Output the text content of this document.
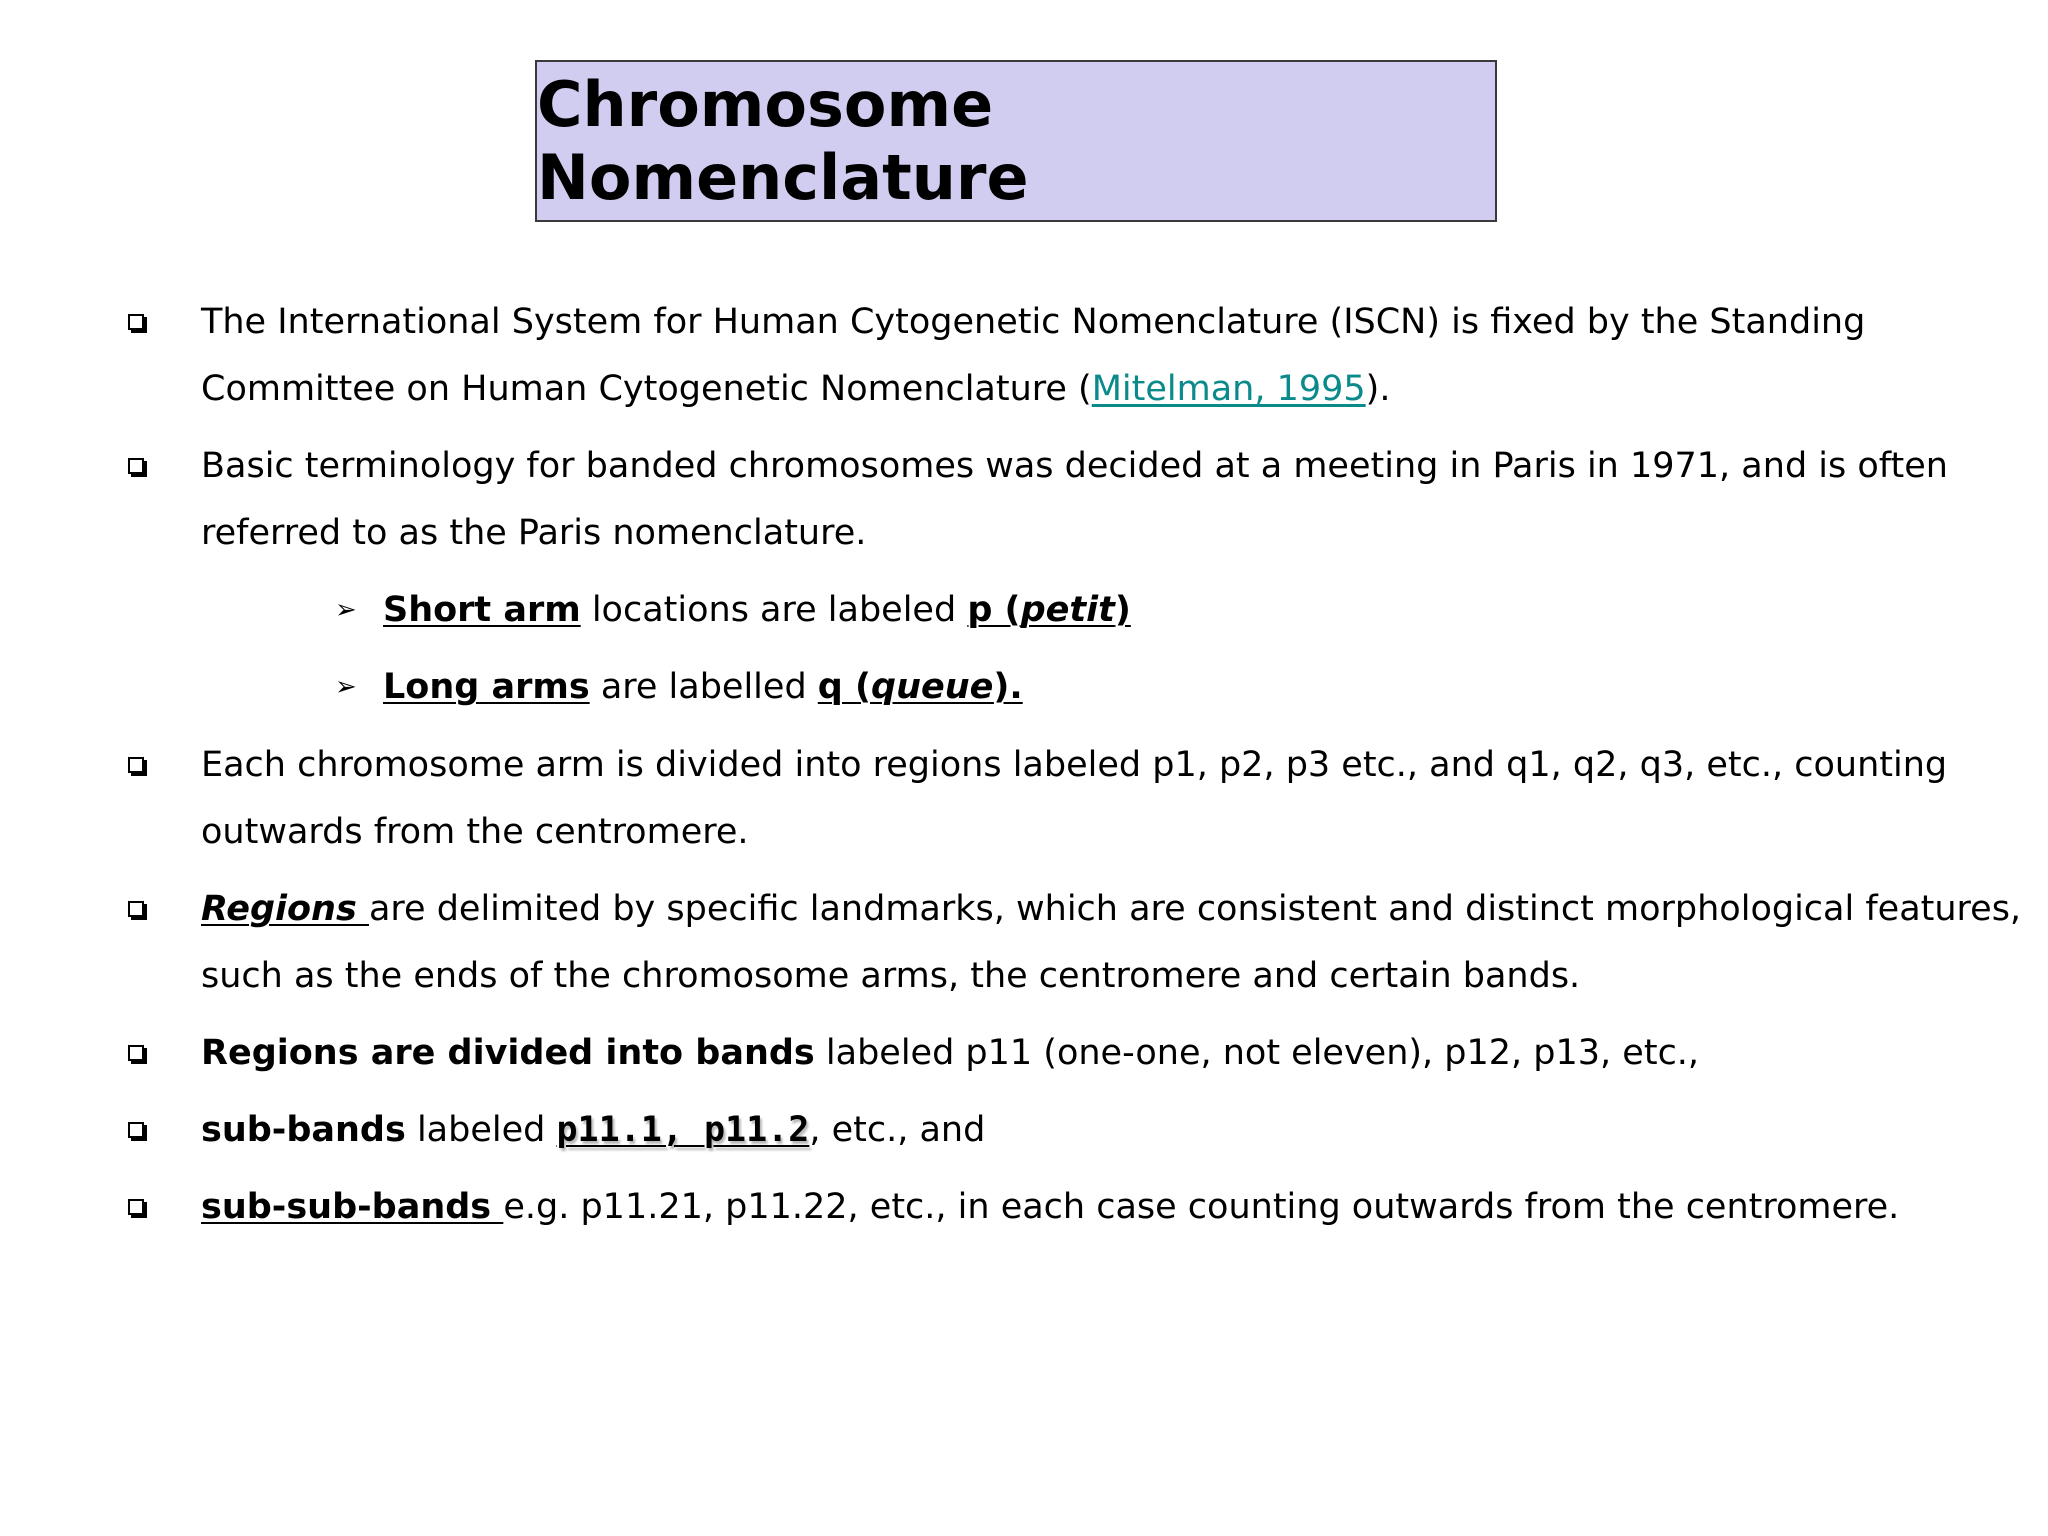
Chromosome Nomenclature
The International System for Human Cytogenetic Nomenclature (ISCN) is fixed by the Standing
Committee on Human Cytogenetic Nomenclature (Mitelman, 1995).
Basic terminology for banded chromosomes was decided at a meeting in Paris in 1971, and is often
referred to as the Paris nomenclature.
➢ Short arm locations are labeled p (petit)
➢ Long arms are labelled q (queue).
Each chromosome arm is divided into regions labeled p1, p2, p3 etc., and q1, q2, q3, etc., counting
outwards from the centromere.
Regions are delimited by specific landmarks, which are consistent and distinct morphological features,
such as the ends of the chromosome arms, the centromere and certain bands.
Regions are divided into bands labeled p11 (one-one, not eleven), p12, p13, etc.,
sub-bands labeled p11.1, p11.2, etc., and
sub-sub-bands e.g. p11.21, p11.22, etc., in each case counting outwards from the centromere.
